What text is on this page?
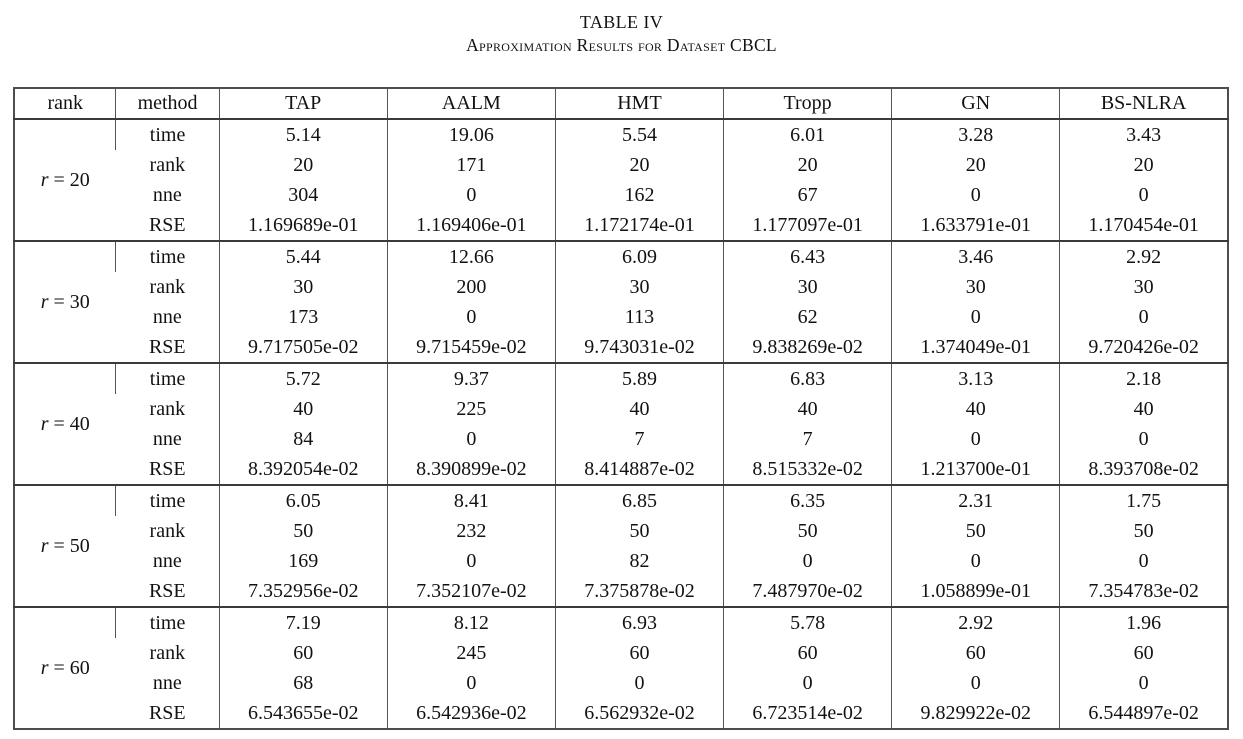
TABLE IV
Approximation Results for Dataset CBCL
rank	method	TAP	AALM	HMT	Tropp	GN	BS-NLRA
r = 20	time	5.14	19.06	5.54	6.01	3.28	3.43
	rank	20	171	20	20	20	20
	nne	304	0	162	67	0	0
	RSE	1.169689e-01	1.169406e-01	1.172174e-01	1.177097e-01	1.633791e-01	1.170454e-01
r = 30	time	5.44	12.66	6.09	6.43	3.46	2.92
	rank	30	200	30	30	30	30
	nne	173	0	113	62	0	0
	RSE	9.717505e-02	9.715459e-02	9.743031e-02	9.838269e-02	1.374049e-01	9.720426e-02
r = 40	time	5.72	9.37	5.89	6.83	3.13	2.18
	rank	40	225	40	40	40	40
	nne	84	0	7	7	0	0
	RSE	8.392054e-02	8.390899e-02	8.414887e-02	8.515332e-02	1.213700e-01	8.393708e-02
r = 50	time	6.05	8.41	6.85	6.35	2.31	1.75
	rank	50	232	50	50	50	50
	nne	169	0	82	0	0	0
	RSE	7.352956e-02	7.352107e-02	7.375878e-02	7.487970e-02	1.058899e-01	7.354783e-02
r = 60	time	7.19	8.12	6.93	5.78	2.92	1.96
	rank	60	245	60	60	60	60
	nne	68	0	0	0	0	0
	RSE	6.543655e-02	6.542936e-02	6.562932e-02	6.723514e-02	9.829922e-02	6.544897e-02
